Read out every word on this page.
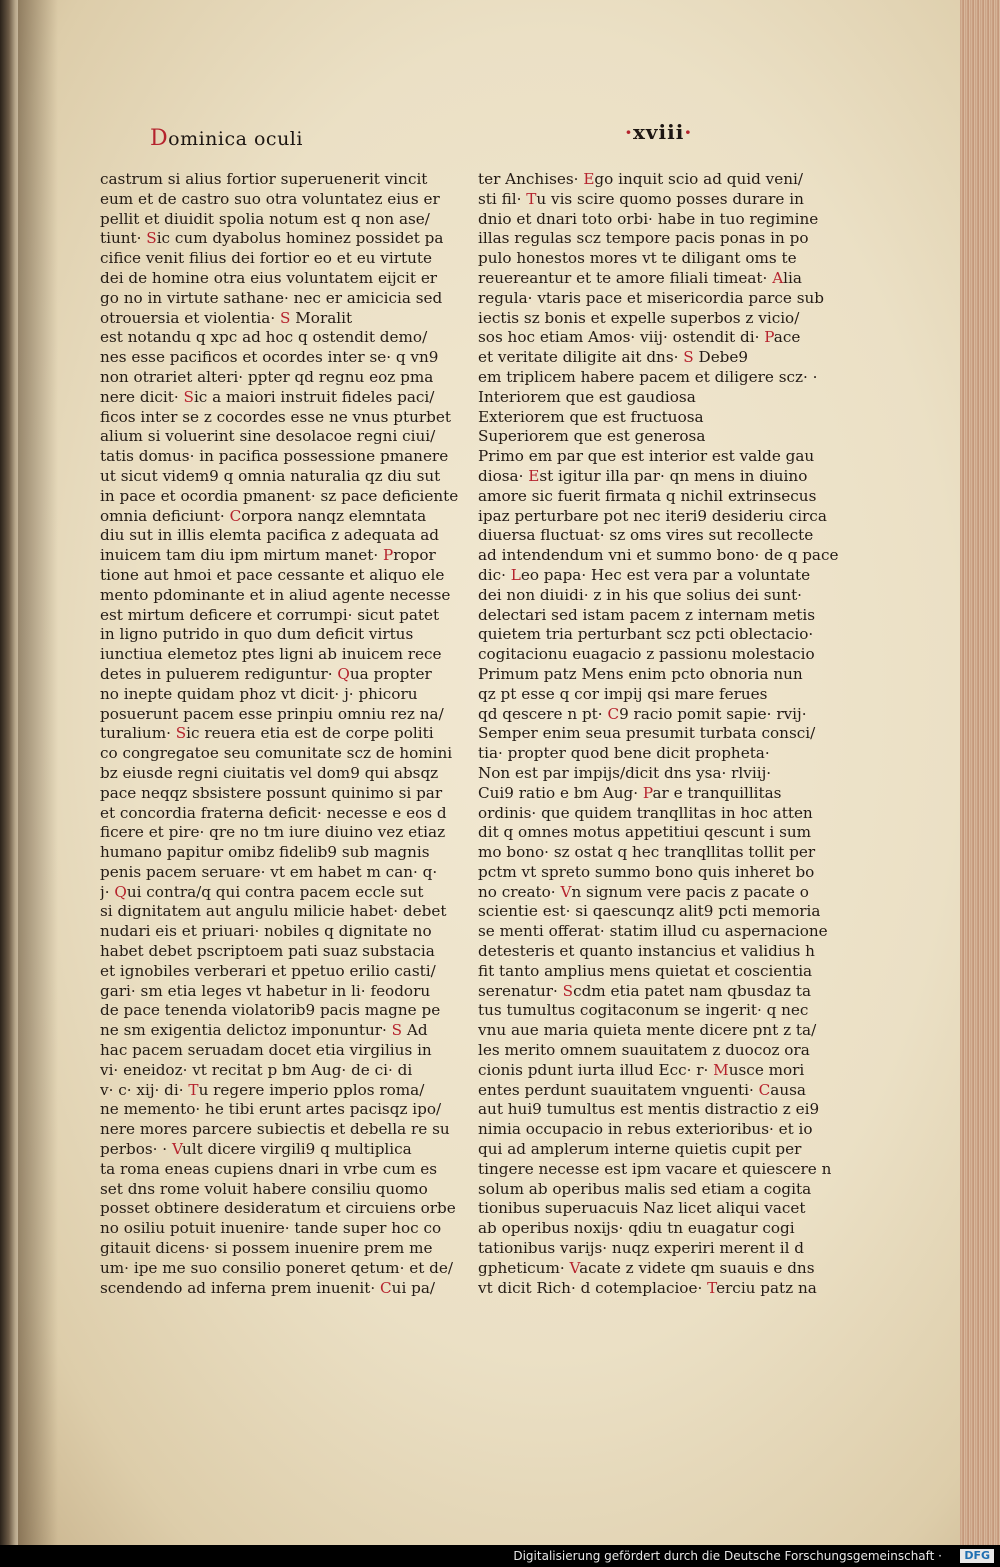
Dominica oculi	·xviii·
castrum si alius fortior superuenerit vincit
eum et de castro suo otra voluntatez eius er
pellit et diuidit spolia notum est q non ase/
tiunt· Sic cum dyabolus hominez possidet pa
cifice venit filius dei fortior eo et eu virtute
dei de homine otra eius voluntatem eijcit er
go no in virtute sathane· nec er amicicia sed
otrouersia et violentia· S Moralit
est notandu q xpc ad hoc q ostendit demo/
nes esse pacificos et ocordes inter se· q vn9
non otrariet alteri· ppter qd regnu eoz pma
nere dicit· Sic a maiori instruit fideles paci/
ficos inter se z cocordes esse ne vnus pturbet
alium si voluerint sine desolacoe regni ciui/
tatis domus· in pacifica possessione pmanere
ut sicut videm9 q omnia naturalia qz diu sut
in pace et ocordia pmanent· sz pace deficiente
omnia deficiunt· Corpora nanqz elemntata
diu sut in illis elemta pacifica z adequata ad
inuicem tam diu ipm mirtum manet· Propor
tione aut hmoi et pace cessante et aliquo ele
mento pdominante et in aliud agente necesse
est mirtum deficere et corrumpi· sicut patet
in ligno putrido in quo dum deficit virtus
iunctiua elemetoz ptes ligni ab inuicem rece
detes in puluerem rediguntur· Qua propter
no inepte quidam phoz vt dicit· j· phicoru
posuerunt pacem esse prinpiu omniu rez na/
turalium· Sic reuera etia est de corpe politi
co congregatoe seu comunitate scz de homini
bz eiusde regni ciuitatis vel dom9 qui absqz
pace neqqz sbsistere possunt quinimo si par
et concordia fraterna deficit· necesse e eos d
ficere et pire· qre no tm iure diuino vez etiaz
humano papitur omibz fidelib9 sub magnis
penis pacem seruare· vt em habet m can· q·
j· Qui contra/q qui contra pacem eccle sut
si dignitatem aut angulu milicie habet· debet
nudari eis et priuari· nobiles q dignitate no
habet debet pscriptoem pati suaz substacia
et ignobiles verberari et ppetuo erilio casti/
gari· sm etia leges vt habetur in li· feodoru
de pace tenenda violatorib9 pacis magne pe
ne sm exigentia delictoz imponuntur· S Ad
hac pacem seruadam docet etia virgilius in
vi· eneidoz· vt recitat p bm Aug· de ci· di
v· c· xij· di· Tu regere imperio pplos roma/
ne memento· he tibi erunt artes pacisqz ipo/
nere mores parcere subiectis et debella re su
perbos· · Vult dicere virgili9 q multiplica
ta roma eneas cupiens dnari in vrbe cum es
set dns rome voluit habere consiliu quomo
posset obtinere desideratum et circuiens orbe
no osiliu potuit inuenire· tande super hoc co
gitauit dicens· si possem inuenire prem me
um· ipe me suo consilio poneret qetum· et de/
scendendo ad inferna prem inuenit· Cui pa/
ter Anchises· Ego inquit scio ad quid veni/
sti fil· Tu vis scire quomo posses durare in
dnio et dnari toto orbi· habe in tuo regimine
illas regulas scz tempore pacis ponas in po
pulo honestos mores vt te diligant oms te
reuereantur et te amore filiali timeat· Alia
regula· vtaris pace et misericordia parce sub
iectis sz bonis et expelle superbos z vicio/
sos hoc etiam Amos· viij· ostendit di· Pace
et veritate diligite ait dns· S Debe9
em triplicem habere pacem et diligere scz· ·
Interiorem que est gaudiosa
Exteriorem que est fructuosa
Superiorem que est generosa
Primo em par que est interior est valde gau
diosa· Est igitur illa par· qn mens in diuino
amore sic fuerit firmata q nichil extrinsecus
ipaz perturbare pot nec iteri9 desideriu circa
diuersa fluctuat· sz oms vires sut recollecte
ad intendendum vni et summo bono· de q pace
dic· Leo papa· Hec est vera par a voluntate
dei non diuidi· z in his que solius dei sunt·
delectari sed istam pacem z internam metis
quietem tria perturbant scz pcti oblectacio·
cogitacionu euagacio z passionu molestacio
Primum patz Mens enim pcto obnoria nun
qz pt esse q cor impij qsi mare ferues
qd qescere n pt· C9 racio pomit sapie· rvij·
Semper enim seua presumit turbata consci/
tia· propter quod bene dicit propheta·
Non est par impijs/dicit dns ysa· rlviij·
Cui9 ratio e bm Aug· Par e tranquillitas
ordinis· que quidem tranqllitas in hoc atten
dit q omnes motus appetitiui qescunt i sum
mo bono· sz ostat q hec tranqllitas tollit per
pctm vt spreto summo bono quis inheret bo
no creato· Vn signum vere pacis z pacate o
scientie est· si qaescunqz alit9 pcti memoria
se menti offerat· statim illud cu aspernacione
detesteris et quanto instancius et validius h
fit tanto amplius mens quietat et coscientia
serenatur· Scdm etia patet nam qbusdaz ta
tus tumultus cogitaconum se ingerit· q nec
vnu aue maria quieta mente dicere pnt z ta/
les merito omnem suauitatem z duocoz ora
cionis pdunt iurta illud Ecc· r· Musce mori
entes perdunt suauitatem vnguenti· Causa
aut hui9 tumultus est mentis distractio z ei9
nimia occupacio in rebus exterioribus· et io
qui ad amplerum interne quietis cupit per
tingere necesse est ipm vacare et quiescere n
solum ab operibus malis sed etiam a cogita
tionibus superuacuis Naz licet aliqui vacet
ab operibus noxijs· qdiu tn euagatur cogi
tationibus varijs· nuqz experiri merent il d
gpheticum· Vacate z videte qm suauis e dns
vt dicit Rich· d cotemplacioe· Terciu patz na
Digitalisierung gefördert durch die Deutsche Forschungsgemeinschaft ·	DFG
